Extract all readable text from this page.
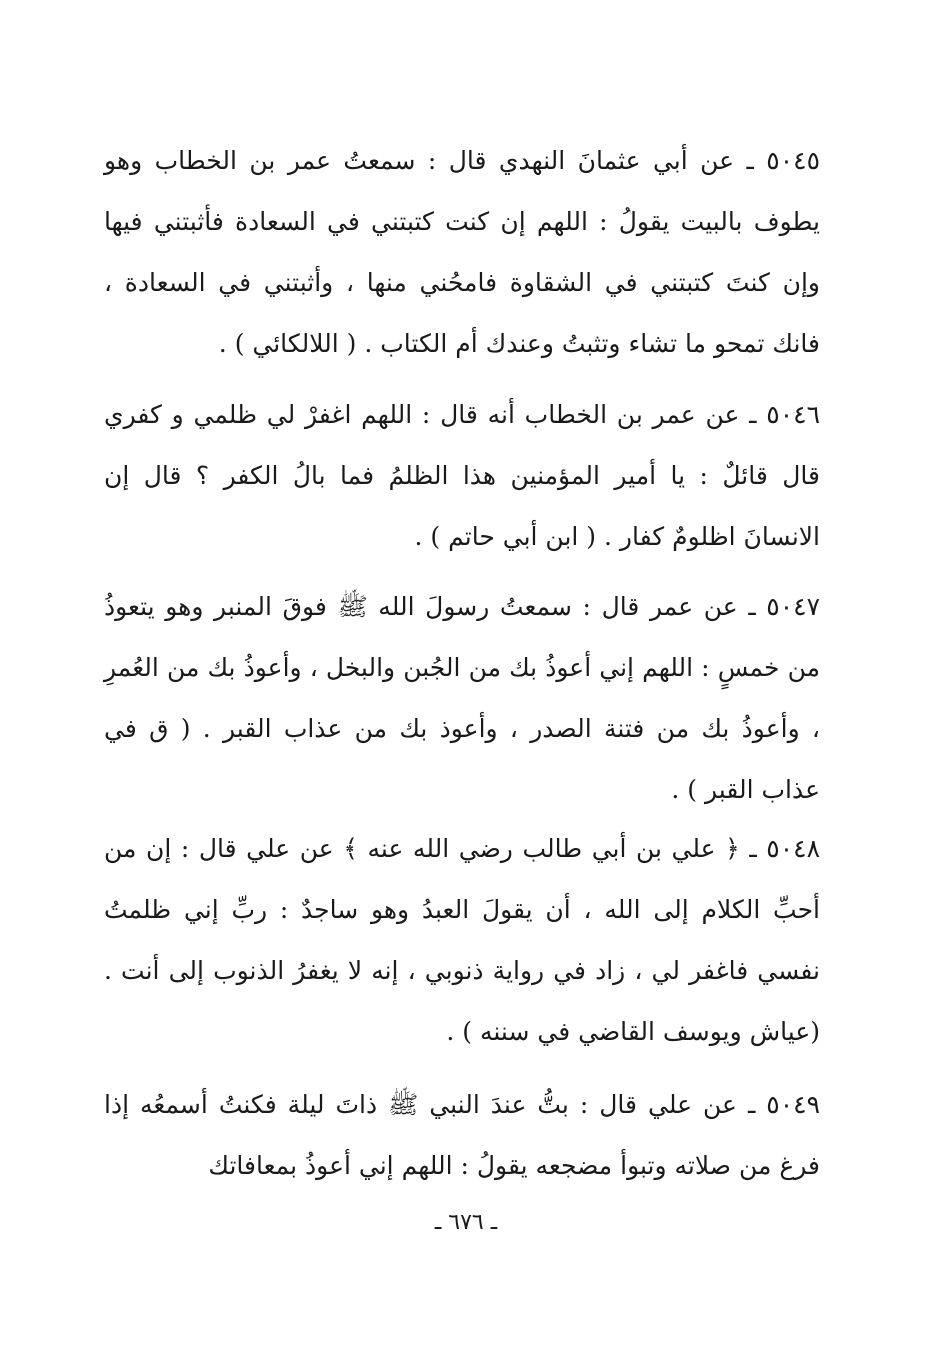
٥٠٤٥ ـ عن أبي عثمانَ النهدي قال : سمعتُ عمر بن الخطاب وهو يطوف بالبيت يقولُ : اللهم إن كنت كتبتني في السعادة فأثبتني فيها وإن كنتَ كتبتني في الشقاوة فامحُني منها ، وأثبتني في السعادة ، فانك تمحو ما تشاء وتثبتُ وعندك أم الكتاب . ( اللالكائي ) .

٥٠٤٦ ـ عن عمر بن الخطاب أنه قال : اللهم اغفرْ لي ظلمي و كفري قال قائلٌ : يا أمير المؤمنين هذا الظلمُ فما بالُ الكفر ؟ قال إن الانسانَ اظلومٌ كفار . ( ابن أبي حاتم ) .

٥٠٤٧ ـ عن عمر قال : سمعتُ رسولَ الله ﷺ فوقَ المنبر وهو يتعوذُ من خمسٍ : اللهم إني أعوذُ بك من الجُبن والبخل ، وأعوذُ بك من العُمرِ ، وأعوذُ بك من فتنة الصدر ، وأعوذ بك من عذاب القبر . ( ق في عذاب القبر ) .

٥٠٤٨ ـ ﴿ علي بن أبي طالب رضي الله عنه ﴾ عن علي قال : إن من أحبِّ الكلام إلى الله ، أن يقولَ العبدُ وهو ساجدٌ : ربِّ إني ظلمتُ نفسي فاغفر لي ، زاد في رواية ذنوبي ، إنه لا يغفرُ الذنوب إلى أنت . (عياش ويوسف القاضي في سننه ) .

٥٠٤٩ ـ عن علي قال : بتُّ عندَ النبي ﷺ ذاتَ ليلة فكنتُ أسمعُه إذا فرغ من صلاته وتبوأ مضجعه يقولُ : اللهم إني أعوذُ بمعافاتك

ـ ٦٧٦ ـ
